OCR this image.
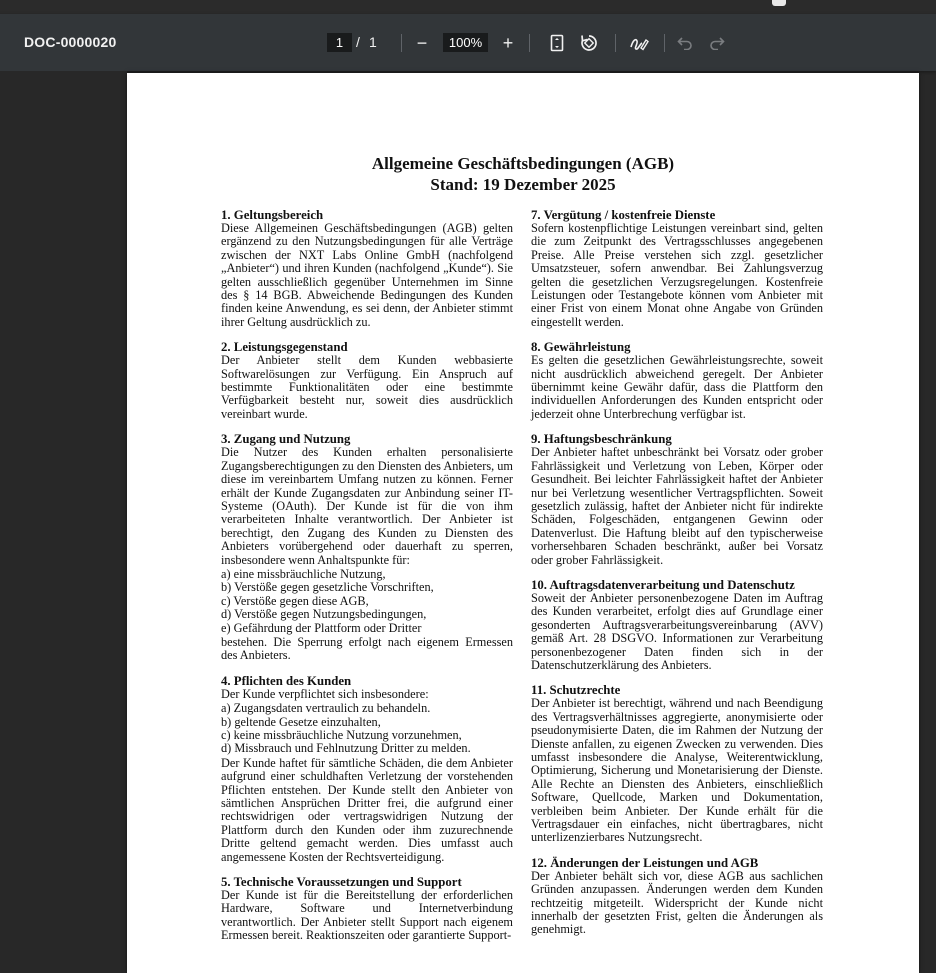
DOC-0000020	1 / 1 −	100%	+
Allgemeine Geschäftsbedingungen (AGB)
Stand: 19 Dezember 2025
1. Geltungsbereich

Diese Allgemeinen Geschäftsbedingungen (AGB) gelten ergänzend zu den Nutzungsbedingungen für alle Verträge zwischen der NXT Labs Online GmbH (nachfolgend „Anbieter“) und ihren Kunden (nachfolgend „Kunde“). Sie gelten ausschließlich gegenüber Unternehmen im Sinne des § 14 BGB. Abweichende Bedingungen des Kunden finden keine Anwendung, es sei denn, der Anbieter stimmt ihrer Geltung ausdrücklich zu.

2. Leistungsgegenstand

Der Anbieter stellt dem Kunden webbasierte Softwarelösungen zur Verfügung. Ein Anspruch auf bestimmte Funktionalitäten oder eine bestimmte Verfügbarkeit besteht nur, soweit dies ausdrücklich vereinbart wurde.

3. Zugang und Nutzung

Die Nutzer des Kunden erhalten personalisierte Zugangsberechtigungen zu den Diensten des Anbieters, um diese im vereinbartem Umfang nutzen zu können. Ferner erhält der Kunde Zugangsdaten zur Anbindung seiner IT-Systeme (OAuth). Der Kunde ist für die von ihm verarbeiteten Inhalte verantwortlich. Der Anbieter ist berechtigt, den Zugang des Kunden zu Diensten des Anbieters vorübergehend oder dauerhaft zu sperren, insbesondere wenn Anhaltspunkte für:

a) eine missbräuchliche Nutzung,
b) Verstöße gegen gesetzliche Vorschriften,
c) Verstöße gegen diese AGB,
d) Verstöße gegen Nutzungsbedingungen,
e) Gefährdung der Plattform oder Dritter

bestehen. Die Sperrung erfolgt nach eigenem Ermessen des Anbieters.

4. Pflichten des Kunden

Der Kunde verpflichtet sich insbesondere:

a) Zugangsdaten vertraulich zu behandeln.
b) geltende Gesetze einzuhalten,
c) keine missbräuchliche Nutzung vorzunehmen,
d) Missbrauch und Fehlnutzung Dritter zu melden.

Der Kunde haftet für sämtliche Schäden, die dem Anbieter aufgrund einer schuldhaften Verletzung der vorstehenden Pflichten entstehen. Der Kunde stellt den Anbieter von sämtlichen Ansprüchen Dritter frei, die aufgrund einer rechtswidrigen oder vertragswidrigen Nutzung der Plattform durch den Kunden oder ihm zuzurechnende Dritte geltend gemacht werden. Dies umfasst auch angemessene Kosten der Rechtsverteidigung.

5. Technische Voraussetzungen und Support

Der Kunde ist für die Bereitstellung der erforderlichen Hardware, Software und Internetverbindung verantwortlich. Der Anbieter stellt Support nach eigenem Ermessen bereit. Reaktionszeiten oder garantierte Support-

7. Vergütung / kostenfreie Dienste

Sofern kostenpflichtige Leistungen vereinbart sind, gelten die zum Zeitpunkt des Vertragsschlusses angegebenen Preise. Alle Preise verstehen sich zzgl. gesetzlicher Umsatzsteuer, sofern anwendbar. Bei Zahlungsverzug gelten die gesetzlichen Verzugsregelungen. Kostenfreie Leistungen oder Testangebote können vom Anbieter mit einer Frist von einem Monat ohne Angabe von Gründen eingestellt werden.

8. Gewährleistung

Es gelten die gesetzlichen Gewährleistungsrechte, soweit nicht ausdrücklich abweichend geregelt. Der Anbieter übernimmt keine Gewähr dafür, dass die Plattform den individuellen Anforderungen des Kunden entspricht oder jederzeit ohne Unterbrechung verfügbar ist.

9. Haftungsbeschränkung

Der Anbieter haftet unbeschränkt bei Vorsatz oder grober Fahrlässigkeit und Verletzung von Leben, Körper oder Gesundheit. Bei leichter Fahrlässigkeit haftet der Anbieter nur bei Verletzung wesentlicher Vertragspflichten. Soweit gesetzlich zulässig, haftet der Anbieter nicht für indirekte Schäden, Folgeschäden, entgangenen Gewinn oder Datenverlust. Die Haftung bleibt auf den typischerweise vorhersehbaren Schaden beschränkt, außer bei Vorsatz oder grober Fahrlässigkeit.

10. Auftragsdatenverarbeitung und Datenschutz

Soweit der Anbieter personenbezogene Daten im Auftrag des Kunden verarbeitet, erfolgt dies auf Grundlage einer gesonderten Auftragsverarbeitungsvereinbarung (AVV) gemäß Art. 28 DSGVO. Informationen zur Verarbeitung personenbezogener Daten finden sich in der Datenschutzerklärung des Anbieters.

11. Schutzrechte

Der Anbieter ist berechtigt, während und nach Beendigung des Vertragsverhältnisses aggregierte, anonymisierte oder pseudonymisierte Daten, die im Rahmen der Nutzung der Dienste anfallen, zu eigenen Zwecken zu verwenden. Dies umfasst insbesondere die Analyse, Weiterentwicklung, Optimierung, Sicherung und Monetarisierung der Dienste. Alle Rechte an Diensten des Anbieters, einschließlich Software, Quellcode, Marken und Dokumentation, verbleiben beim Anbieter. Der Kunde erhält für die Vertragsdauer ein einfaches, nicht übertragbares, nicht unterlizenzierbares Nutzungsrecht.

12. Änderungen der Leistungen und AGB

Der Anbieter behält sich vor, diese AGB aus sachlichen Gründen anzupassen. Änderungen werden dem Kunden rechtzeitig mitgeteilt. Widerspricht der Kunde nicht innerhalb der gesetzten Frist, gelten die Änderungen als genehmigt.
